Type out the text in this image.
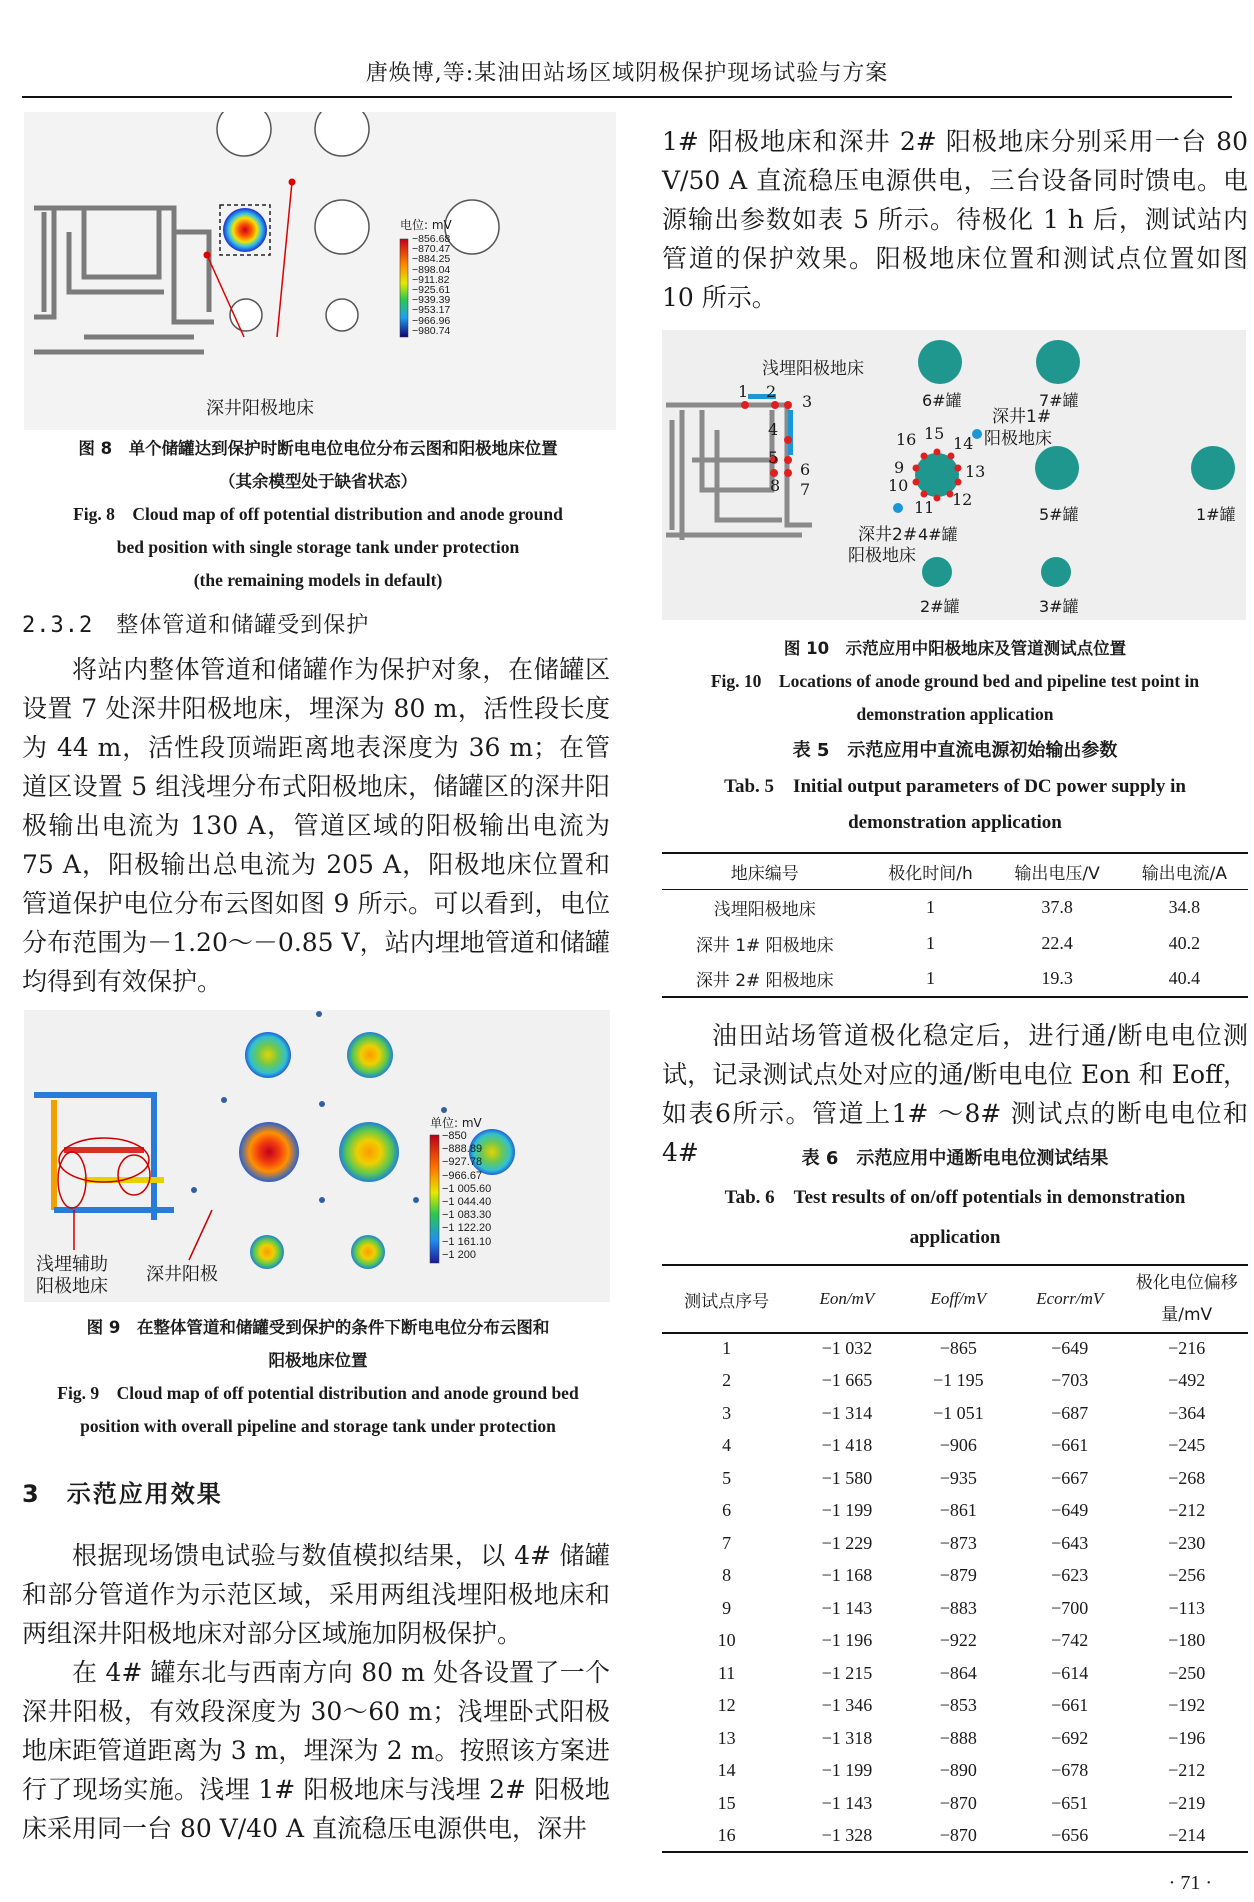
唐焕博,等:某油田站场区域阴极保护现场试验与方案
电位: mV
−856.68
−870.47
−884.25
−898.04
−911.82
−925.61
−939.39
−953.17
−966.96
−980.74
深井阳极地床
图 8　单个储罐达到保护时断电电位电位分布云图和阳极地床位置
（其余模型处于缺省状态）
Fig. 8　Cloud map of off potential distribution and anode ground
bed position with single storage tank under protection
(the remaining models in default)
2.3.2　整体管道和储罐受到保护

将站内整体管道和储罐作为保护对象，在储罐区设置 7 处深井阳极地床，埋深为 80 m，活性段长度为 44 m，活性段顶端距离地表深度为 36 m；在管道区设置 5 组浅埋分布式阳极地床，储罐区的深井阳极输出电流为 130 A，管道区域的阳极输出电流为 75 A，阳极输出总电流为 205 A，阳极地床位置和管道保护电位分布云图如图 9 所示。可以看到，电位分布范围为－1.20～－0.85 V，站内埋地管道和储罐均得到有效保护。

单位: mV
−850
−888.89
−927.78
−966.67
−1 005.60
−1 044.40
−1 083.30
−1 122.20
−1 161.10
−1 200
浅埋辅助
阳极地床
深井阳极
图 9　在整体管道和储罐受到保护的条件下断电电位分布云图和
阳极地床位置
Fig. 9　Cloud map of off potential distribution and anode ground bed
position with overall pipeline and storage tank under protection
3　示范应用效果

根据现场馈电试验与数值模拟结果，以 4# 储罐和部分管道作为示范区域，采用两组浅埋阳极地床和两组深井阳极地床对部分区域施加阴极保护。

在 4# 罐东北与西南方向 80 m 处各设置了一个深井阳极，有效段深度为 30～60 m；浅埋卧式阳极地床距管道距离为 3 m，埋深为 2 m。按照该方案进行了现场实施。浅埋 1# 阳极地床与浅埋 2# 阳极地床采用同一台 80 V/40 A 直流稳压电源供电，深井

1# 阳极地床和深井 2# 阳极地床分别采用一台 80 V/50 A 直流稳压电源供电，三台设备同时馈电。电源输出参数如表 5 所示。待极化 1 h 后，测试站内管道的保护效果。阳极地床位置和测试点位置如图 10 所示。

浅埋阳极地床
深井1#
阳极地床
深井2#
阳极地床
6#罐	7#罐
5#罐	1#罐
4#罐
2#罐	3#罐
1 2
3
4
5
6
7
8
9
10
11 12
13
14
15
16
图 10　示范应用中阳极地床及管道测试点位置
Fig. 10　Locations of anode ground bed and pipeline test point in
demonstration application
表 5　示范应用中直流电源初始输出参数
Tab. 5　Initial output parameters of DC power supply in
demonstration application
地床编号	极化时间/h	输出电压/V	输出电流/A
浅埋阳极地床	1	37.8	34.8
深井 1# 阳极地床	1	22.4	40.2
深井 2# 阳极地床	1	19.3	40.4

油田站场管道极化稳定后，进行通/断电电位测试，记录测试点处对应的通/断电电位 Eon 和 Eoff，如表6所示。管道上1# ～8# 测试点的断电电位和4#	表 6　示范应用中通断电电位测试结果
Tab. 6　Test results of on/off potentials in demonstration
application
测试点序号	Eon/mV	Eoff/mV	Ecorr/mV	极化电位偏移量/mV
1	−1 032	−865	−649	−216
2	−1 665	−1 195	−703	−492
3	−1 314	−1 051	−687	−364
4	−1 418	−906	−661	−245
5	−1 580	−935	−667	−268
6	−1 199	−861	−649	−212
7	−1 229	−873	−643	−230
8	−1 168	−879	−623	−256
9	−1 143	−883	−700	−113
10	−1 196	−922	−742	−180
11	−1 215	−864	−614	−250
12	−1 346	−853	−661	−192
13	−1 318	−888	−692	−196
14	−1 199	−890	−678	−212
15	−1 143	−870	−651	−219
16	−1 328	−870	−656	−214
· 71 ·
